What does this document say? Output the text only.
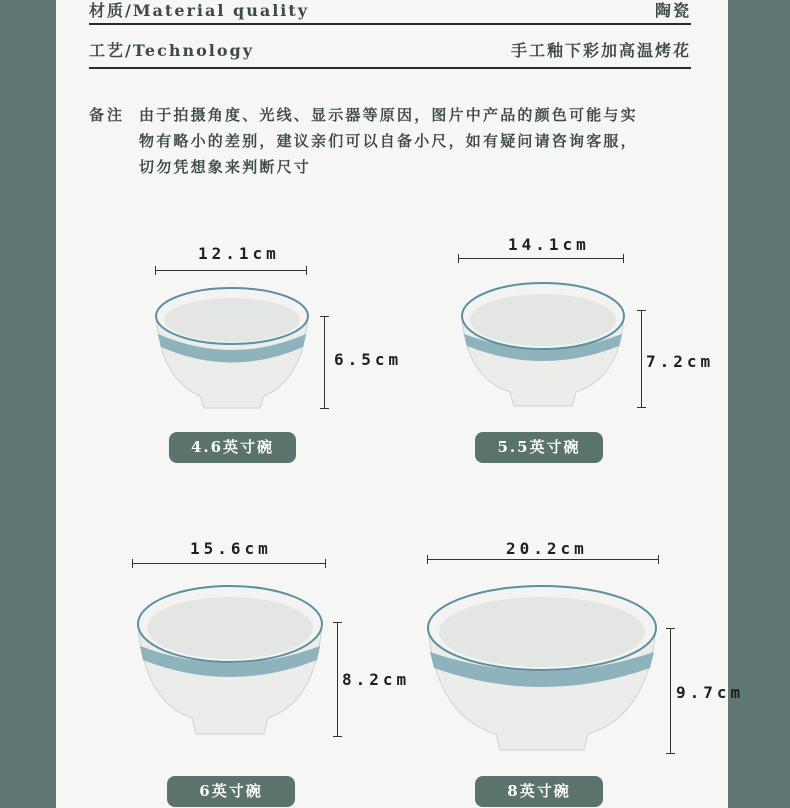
材质/Material quality	陶瓷
工艺/Technology	手工釉下彩加高温烤花
备注 由于拍摄角度、光线、显示器等原因，图片中产品的颜色可能与实
物有略小的差别，建议亲们可以自备小尺，如有疑问请咨询客服，
切勿凭想象来判断尺寸
12.1cm
6.5cm
4.6英寸碗
14.1cm
7.2cm
5.5英寸碗
15.6cm
8.2cm
6英寸碗
20.2cm
9.7cm
8英寸碗
